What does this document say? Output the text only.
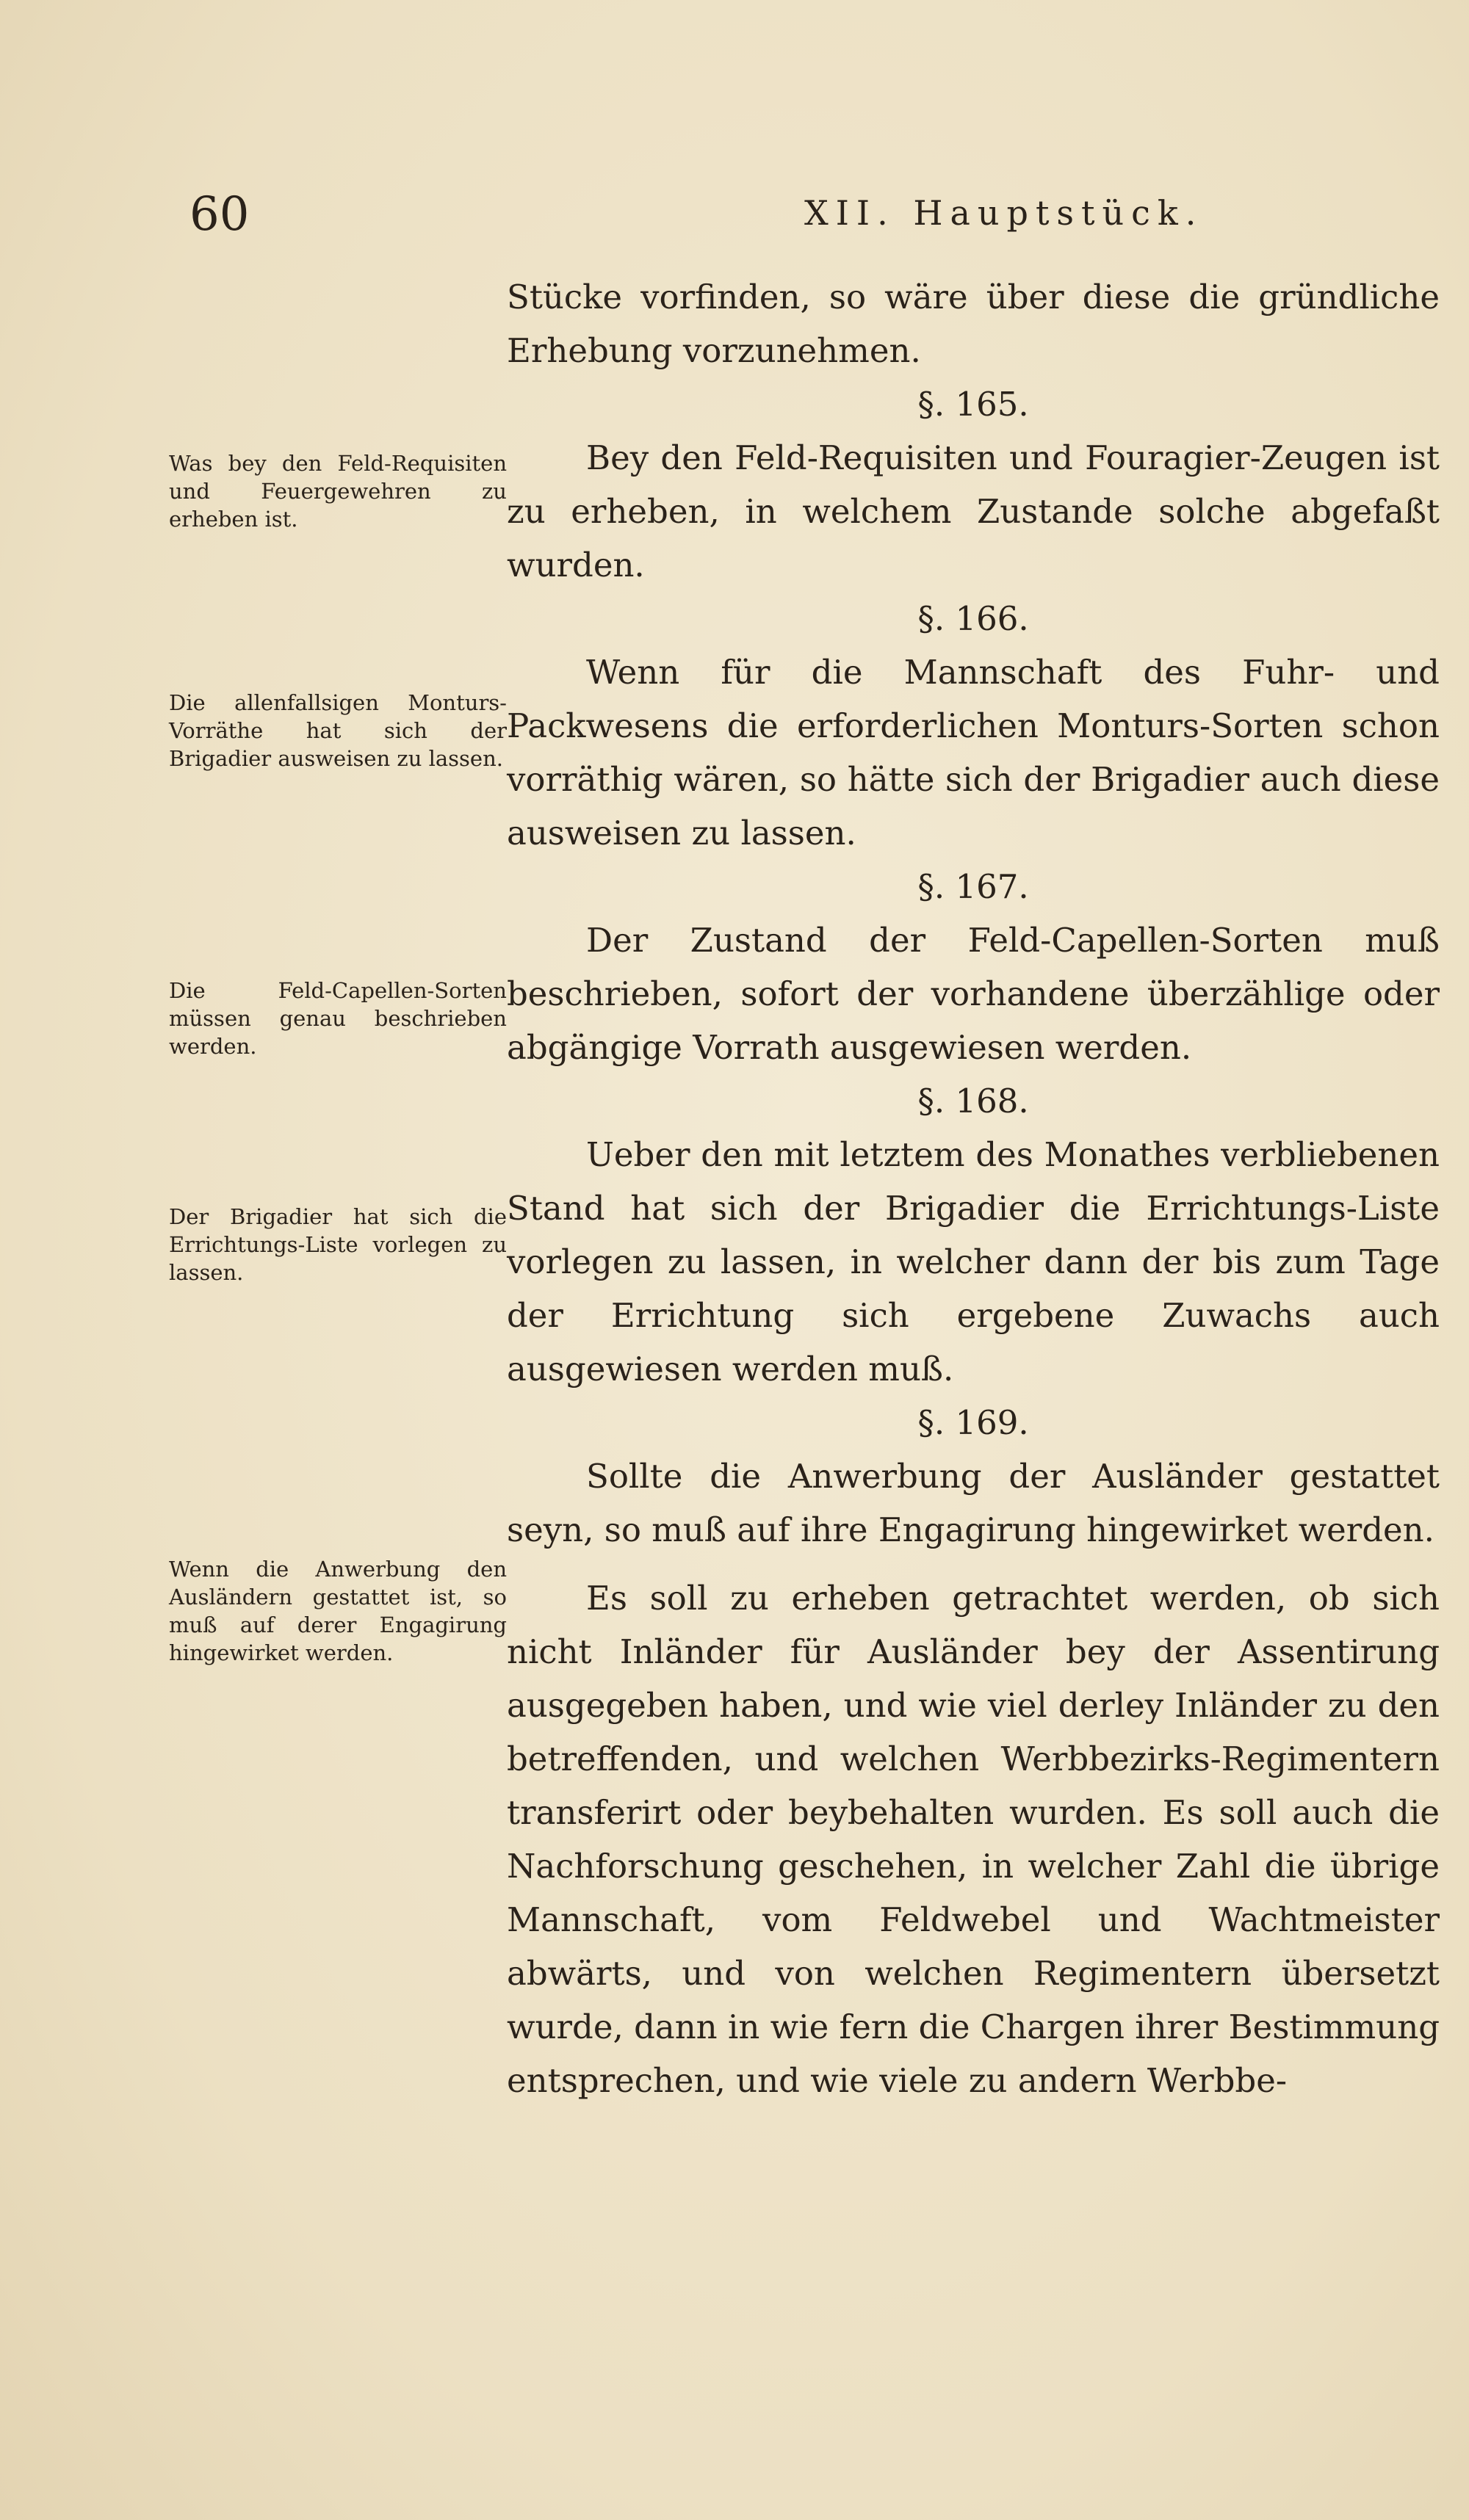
60	XII. Hauptstück.
Was bey den Feld-Requisiten und Feuergewehren zu erheben ist.
Die allenfallsigen Monturs-Vorräthe hat sich der Brigadier ausweisen zu lassen.
Die Feld-Capellen-Sorten müssen genau beschrieben werden.
Der Brigadier hat sich die Errichtungs-Liste vorlegen zu lassen.
Wenn die Anwerbung den Ausländern gestattet ist, so muß auf derer Engagirung hingewirket werden.

Stücke vorfinden, so wäre über diese die gründliche Erhebung vorzunehmen.

§. 165.

Bey den Feld-Requisiten und Fouragier-Zeugen ist zu erheben, in welchem Zustande solche abgefaßt wurden.

§. 166.

Wenn für die Mannschaft des Fuhr- und Packwesens die erforderlichen Monturs-Sorten schon vorräthig wären, so hätte sich der Brigadier auch diese ausweisen zu lassen.

§. 167.

Der Zustand der Feld-Capellen-Sorten muß beschrieben, sofort der vorhandene überzählige oder abgängige Vorrath ausgewiesen werden.

§. 168.

Ueber den mit letztem des Monathes verbliebenen Stand hat sich der Brigadier die Errichtungs-Liste vorlegen zu lassen, in welcher dann der bis zum Tage der Errichtung sich ergebene Zuwachs auch ausgewiesen werden muß.

§. 169.

Sollte die Anwerbung der Ausländer gestattet seyn, so muß auf ihre Engagirung hingewirket werden.

Es soll zu erheben getrachtet werden, ob sich nicht Inländer für Ausländer bey der Assentirung ausgegeben haben, und wie viel derley Inländer zu den betreffenden, und welchen Werbbezirks-Regimentern transferirt oder beybehalten wurden. Es soll auch die Nachforschung geschehen, in welcher Zahl die übrige Mannschaft, vom Feldwebel und Wachtmeister abwärts, und von welchen Regimentern übersetzt wurde, dann in wie fern die Chargen ihrer Bestimmung entsprechen, und wie viele zu andern Werbbe-
